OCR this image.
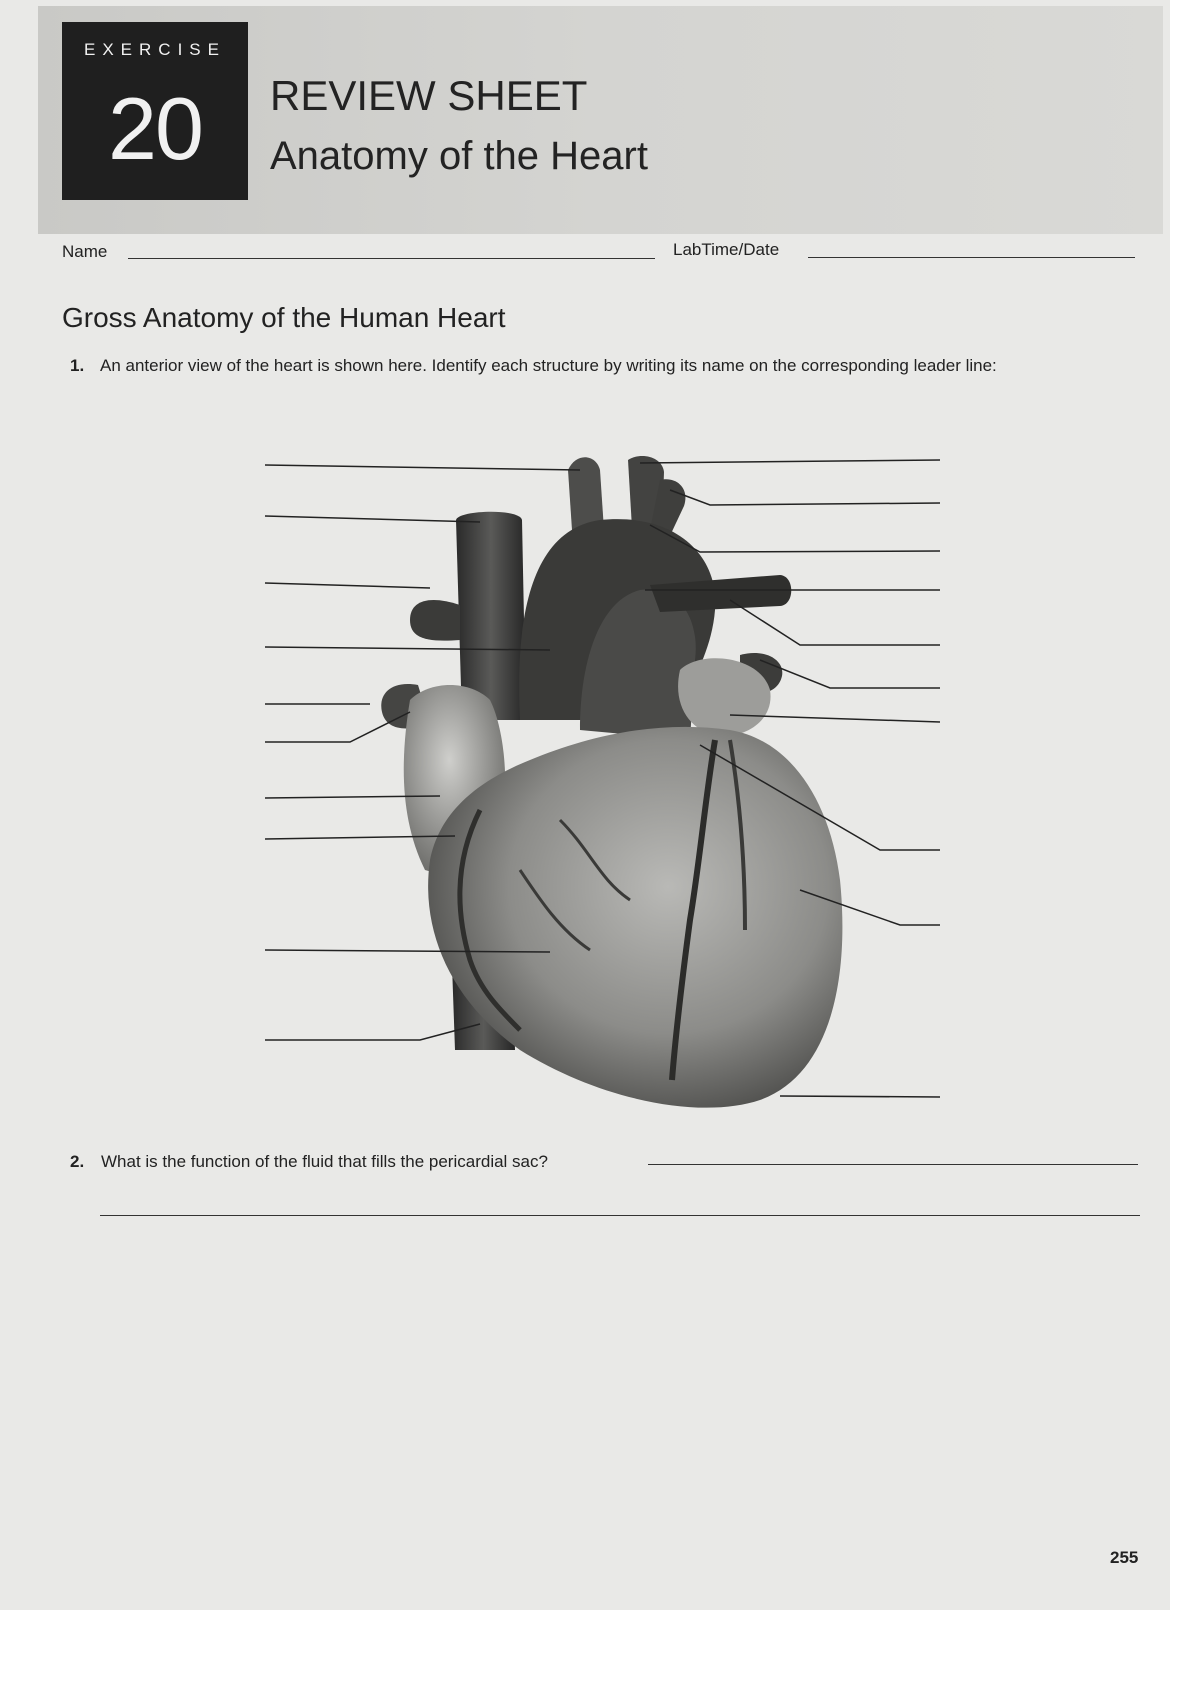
EXERCISE
20	REVIEW SHEET
Anatomy of the Heart
Name	LabTime/Date
Gross Anatomy of the Human Heart
1. An anterior view of the heart is shown here. Identify each structure by writing its name on the corresponding leader line:
2. What is the function of the fluid that fills the pericardial sac?
255
